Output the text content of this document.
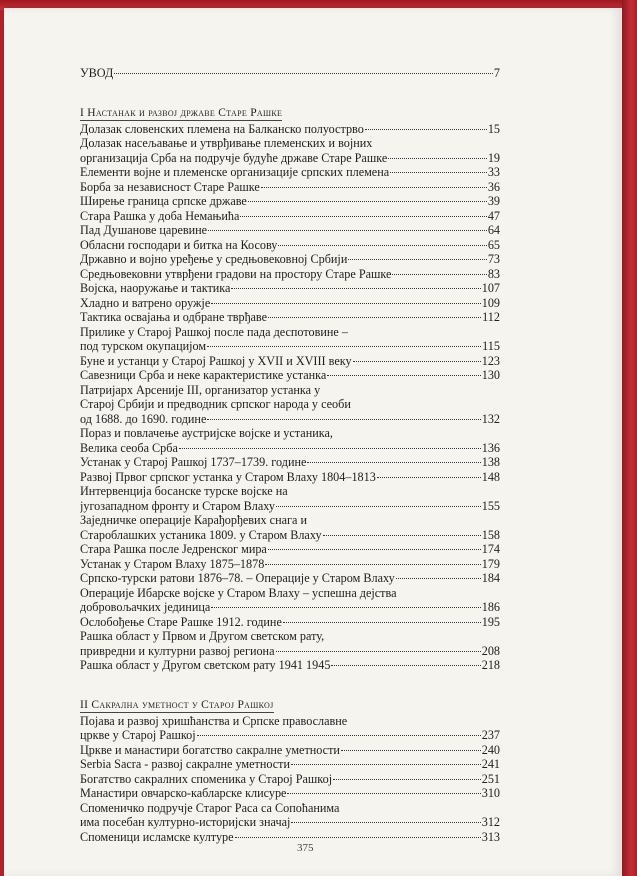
УВОД	7
I Настанак и развој државе Старе Рашке
Долазак словенских племена на Балканско полуострво	15
Долазак насељавање и утврђивање племенских и војних
организација Срба на подручје будуће државе Старе Рашке	19
Елементи војне и племенске организације српских племена	33
Борба за независност Старе Рашке	36
Ширење граница српске државе	39
Стара Рашка у доба Немањића	47
Пад Душанове царевине	64
Обласни господари и битка на Косову	65
Државно и војно уређење у средњовековној Србији	73
Средњовековни утврђени градови на простору Старе Рашке	83
Војска, наоружање и тактика	107
Хладно и ватрено оружје	109
Тактика освајања и одбране тврђаве	112
Прилике у Старој Рашкој после пада деспотовине –
под турском окупацијом	115
Буне и устанци у Старој Рашкој у XVII и XVIII веку	123
Савезници Срба и неке карактеристике устанка	130
Патријарх Арсеније III, организатор устанка у
Старој Србији и предводник српског народа у сеоби
од 1688. до 1690. године	132
Пораз и повлачење аустријске војске и устаника,
Велика сеоба Срба	136
Устанак у Старој Рашкој 1737–1739. године	138
Развој Првог српског устанка у Старом Влаху 1804–1813	148
Интервенција босанске турске војске на
југозападном фронту и Старом Влаху	155
Заједничке операције Карађорђевих снага и
Староблашких устаника 1809. у Старом Влаху	158
Стара Рашка после Једренског мира	174
Устанак у Старом Влаху 1875–1878	179
Српско-турски ратови 1876–78. – Операције у Старом Влаху	184
Операције Ибарске војске у Старом Влаху – успешна дејства
добровољачких јединица	186
Ослобођење Старе Рашке 1912. године	195
Рашка област у Првом и Другом светском рату,
привредни и културни развој региона	208
Рашка област у Другом светском рату 1941 1945	218
II Сакрална уметност у Старој Рашкој
Појава и развој хришћанства и Српске православне
цркве у Старој Рашкој	237
Цркве и манастири богатство сакралне уметности	240
Serbia Sacra - развој сакралне уметности	241
Богатство сакралних споменика у Старој Рашкој	251
Манастири овчарско-кабларске клисуре	310
Споменичко подручје Старог Раса са Сопоћанима
има посебан културно-историјски значај	312
Споменици исламске културе	313
375
